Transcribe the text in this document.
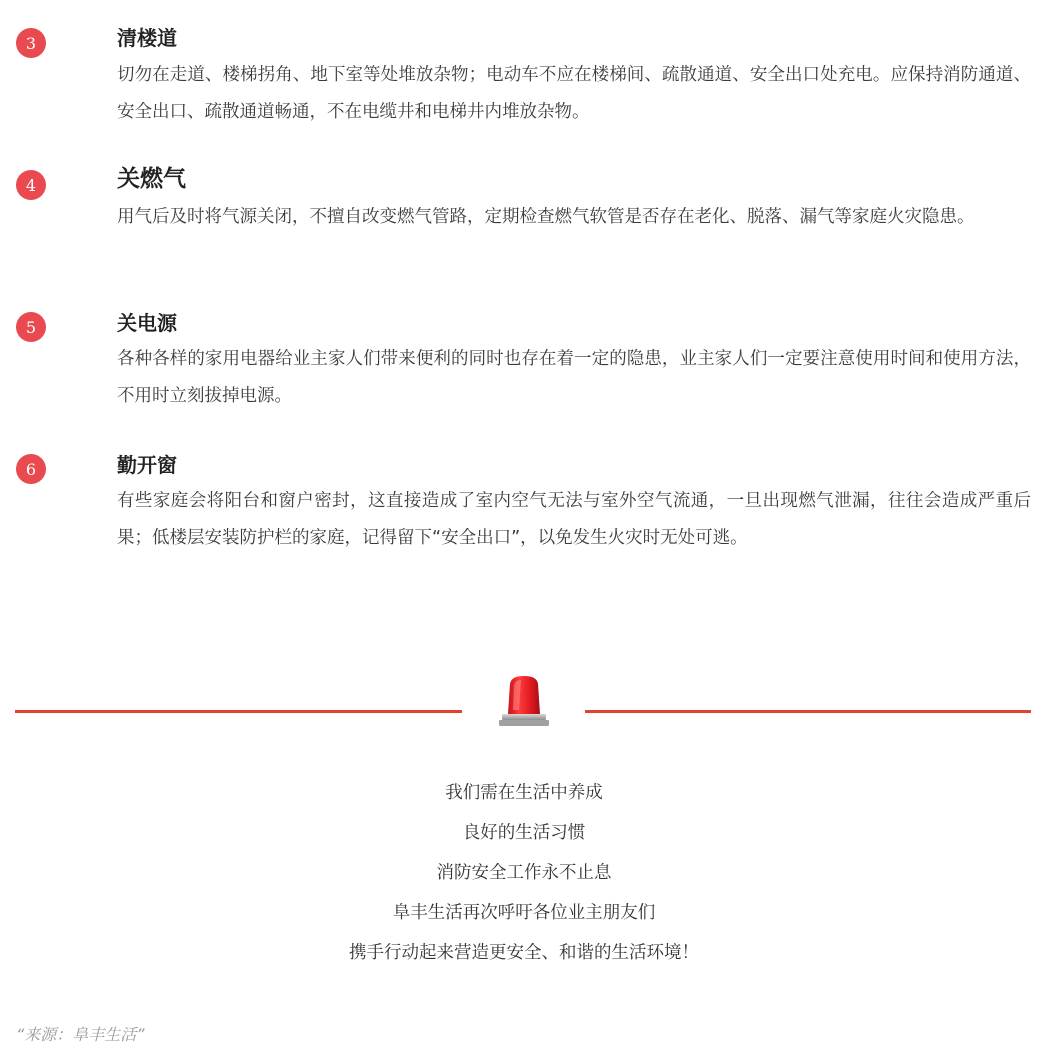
3	清楼道

切勿在走道、楼梯拐角、地下室等处堆放杂物；电动车不应在楼梯间、疏散通道、安全出口处充电。应保持消防通道、安全出口、疏散通道畅通，不在电缆井和电梯井内堆放杂物。

4	关燃气

用气后及时将气源关闭，不擅自改变燃气管路，定期检查燃气软管是否存在老化、脱落、漏气等家庭火灾隐患。

5	关电源

各种各样的家用电器给业主家人们带来便利的同时也存在着一定的隐患，业主家人们一定要注意使用时间和使用方法，不用时立刻拔掉电源。

6	勤开窗

有些家庭会将阳台和窗户密封，这直接造成了室内空气无法与室外空气流通，一旦出现燃气泄漏，往往会造成严重后果；低楼层安装防护栏的家庭，记得留下“安全出口”，以免发生火灾时无处可逃。

我们需在生活中养成
良好的生活习惯
消防安全工作永不止息
阜丰生活再次呼吁各位业主朋友们
携手行动起来营造更安全、和谐的生活环境！
“来源：阜丰生活”
